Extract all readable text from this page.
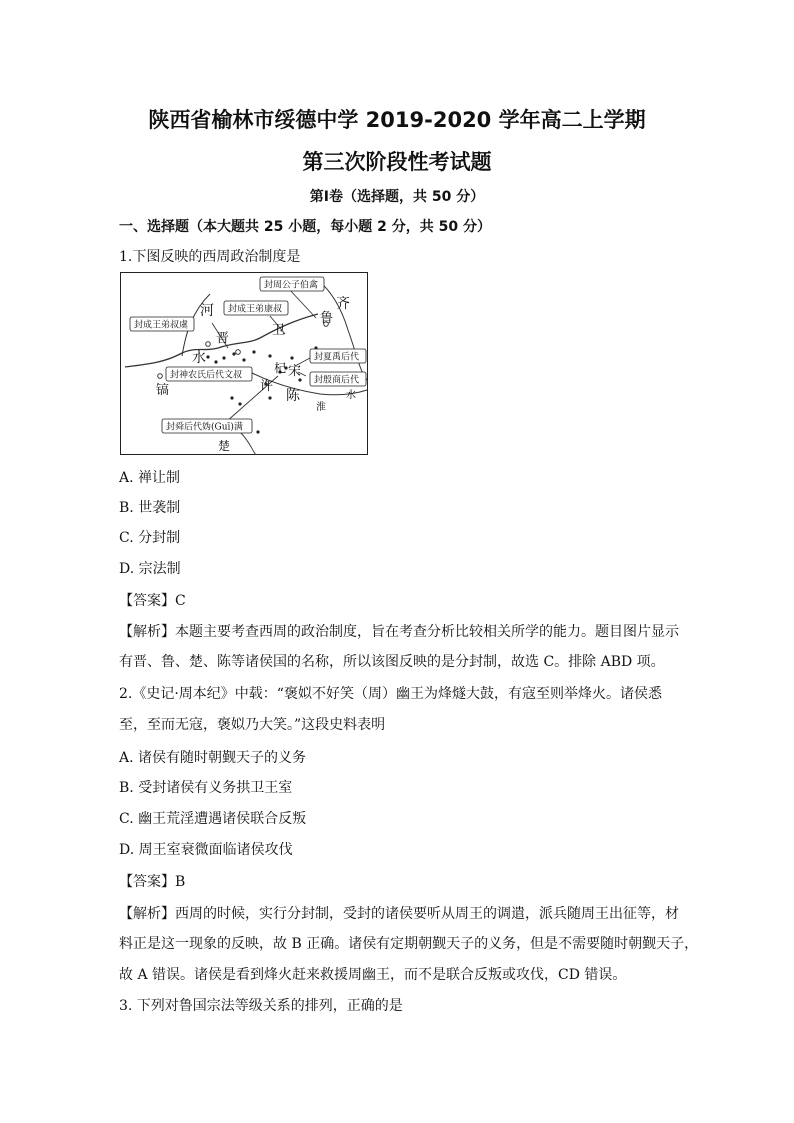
陕西省榆林市绥德中学 2019-2020 学年高二上学期
第三次阶段性考试题
第Ⅰ卷（选择题，共 50 分）
一、选择题（本大题共 25 小题，每小题 2 分，共 50 分）
1.下图反映的西周政治制度是
封周公子伯禽
封成王弟康叔
封成王弟叔虞
封夏禹后代
封殷商后代
封神农氏后代文叔
封舜后代妫(Guī)满
齐
鲁
河
卫
晋
水
杞 宋
许
陈
淮
水
镐
楚
A. 禅让制
B. 世袭制
C. 分封制
D. 宗法制
【答案】C
【解析】本题主要考查西周的政治制度，旨在考查分析比较相关所学的能力。题目图片显示
有晋、鲁、楚、陈等诸侯国的名称，所以该图反映的是分封制，故选 C。排除 ABD 项。
2.《史记·周本纪》中载：“褒姒不好笑（周）幽王为烽燧大鼓，有寇至则举烽火。诸侯悉
至，至而无寇，褒姒乃大笑。”这段史料表明
A. 诸侯有随时朝觐天子的义务
B. 受封诸侯有义务拱卫王室
C. 幽王荒淫遭遇诸侯联合反叛
D. 周王室衰微面临诸侯攻伐
【答案】B
【解析】西周的时候，实行分封制，受封的诸侯要听从周王的调遣，派兵随周王出征等，材
料正是这一现象的反映，故 B 正确。诸侯有定期朝觐天子的义务，但是不需要随时朝觐天子，
故 A 错误。诸侯是看到烽火赶来救援周幽王，而不是联合反叛或攻伐，CD 错误。
3. 下列对鲁国宗法等级关系的排列，正确的是
